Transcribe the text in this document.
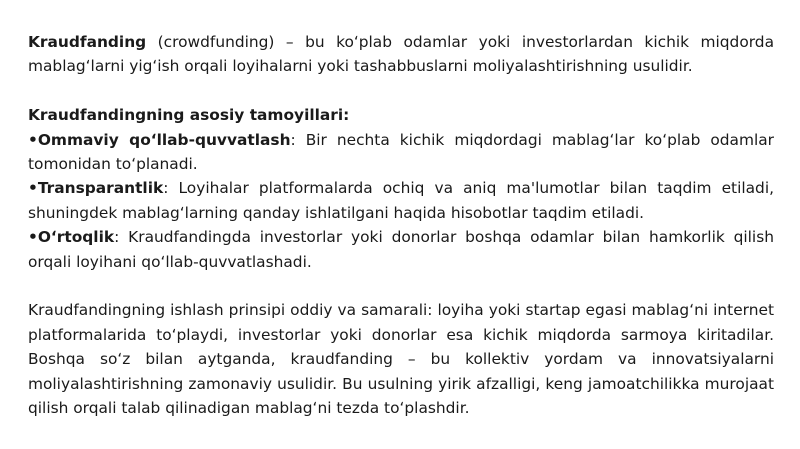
Kraudfanding (crowdfunding) – bu koʻplab odamlar yoki investorlardan kichik miqdorda mablagʻlarni yigʻish orqali loyihalarni yoki tashabbuslarni moliyalashtirishning usulidir.

Kraudfandingning asosiy tamoyillari:

•Ommaviy qoʻllab-quvvatlash: Bir nechta kichik miqdordagi mablagʻlar koʻplab odamlar tomonidan toʻplanadi.

•Transparantlik: Loyihalar platformalarda ochiq va aniq ma'lumotlar bilan taqdim etiladi, shuningdek mablagʻlarning qanday ishlatilgani haqida hisobotlar taqdim etiladi.

•Oʻrtoqlik: Kraudfandingda investorlar yoki donorlar boshqa odamlar bilan hamkorlik qilish orqali loyihani qoʻllab-quvvatlashadi.

Kraudfandingning ishlash prinsipi oddiy va samarali: loyiha yoki startap egasi mablagʻni internet platformalarida toʻplaydi, investorlar yoki donorlar esa kichik miqdorda sarmoya kiritadilar. Boshqa soʻz bilan aytganda, kraudfanding – bu kollektiv yordam va innovatsiyalarni moliyalashtirishning zamonaviy usulidir. Bu usulning yirik afzalligi, keng jamoatchilikka murojaat qilish orqali talab qilinadigan mablagʻni tezda toʻplashdir.
